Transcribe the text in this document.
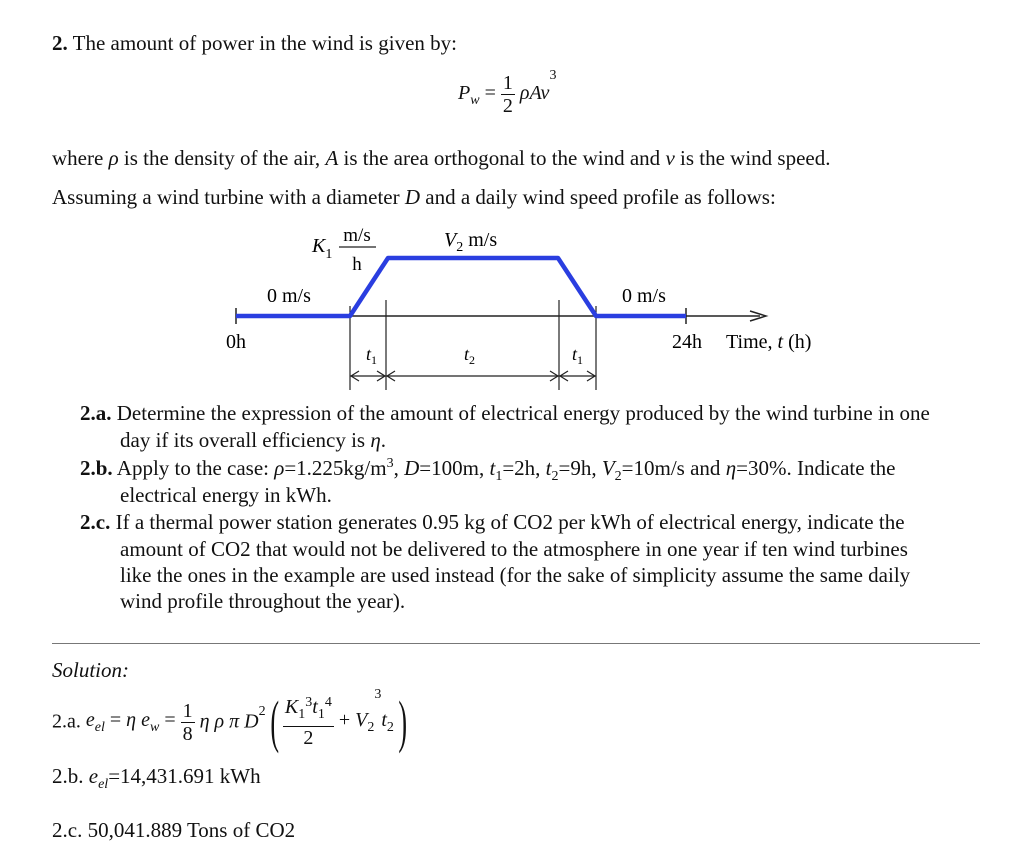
2. The amount of power in the wind is given by:
$P_w = \frac{1}{2} \rho Av^3$
where ρ is the density of the air, A is the area orthogonal to the wind and v is the wind speed.
Assuming a wind turbine with a diameter D and a daily wind speed profile as follows:
$K_1$
m/s
h
$V_2$ m/s
0 m/s	0 m/s
0h	24h Time, t (h)
$t_1$	$t_2$	$t_1$
2.a. Determine the expression of the amount of electrical energy produced by the wind turbine in one
day if its overall efficiency is η.
2.b. Apply to the case: $\rho=1.225kg/m^3$, D=100m, $t_1=2h$, $t_2=9h$, $V_2=10m/s$ and η=30%. Indicate the
electrical energy in kWh.
2.c. If a thermal power station generates 0.95 kg of CO2 per kWh of electrical energy, indicate the
amount of CO2 that would not be delivered to the atmosphere in one year if ten wind turbines
like the ones in the example are used instead (for the sake of simplicity assume the same daily
wind profile throughout the year).
Solution:
2.a. $e_{el} = \eta$ $e_w = \frac{1}{8}$ η ρ π $D^2$ ( $\frac{K_1^3t_1^4}{2} + V_2^3t_2$ )
2.b. $e_{el}=14,431.691$ kWh
2.c. 50,041.889 Tons of CO2
